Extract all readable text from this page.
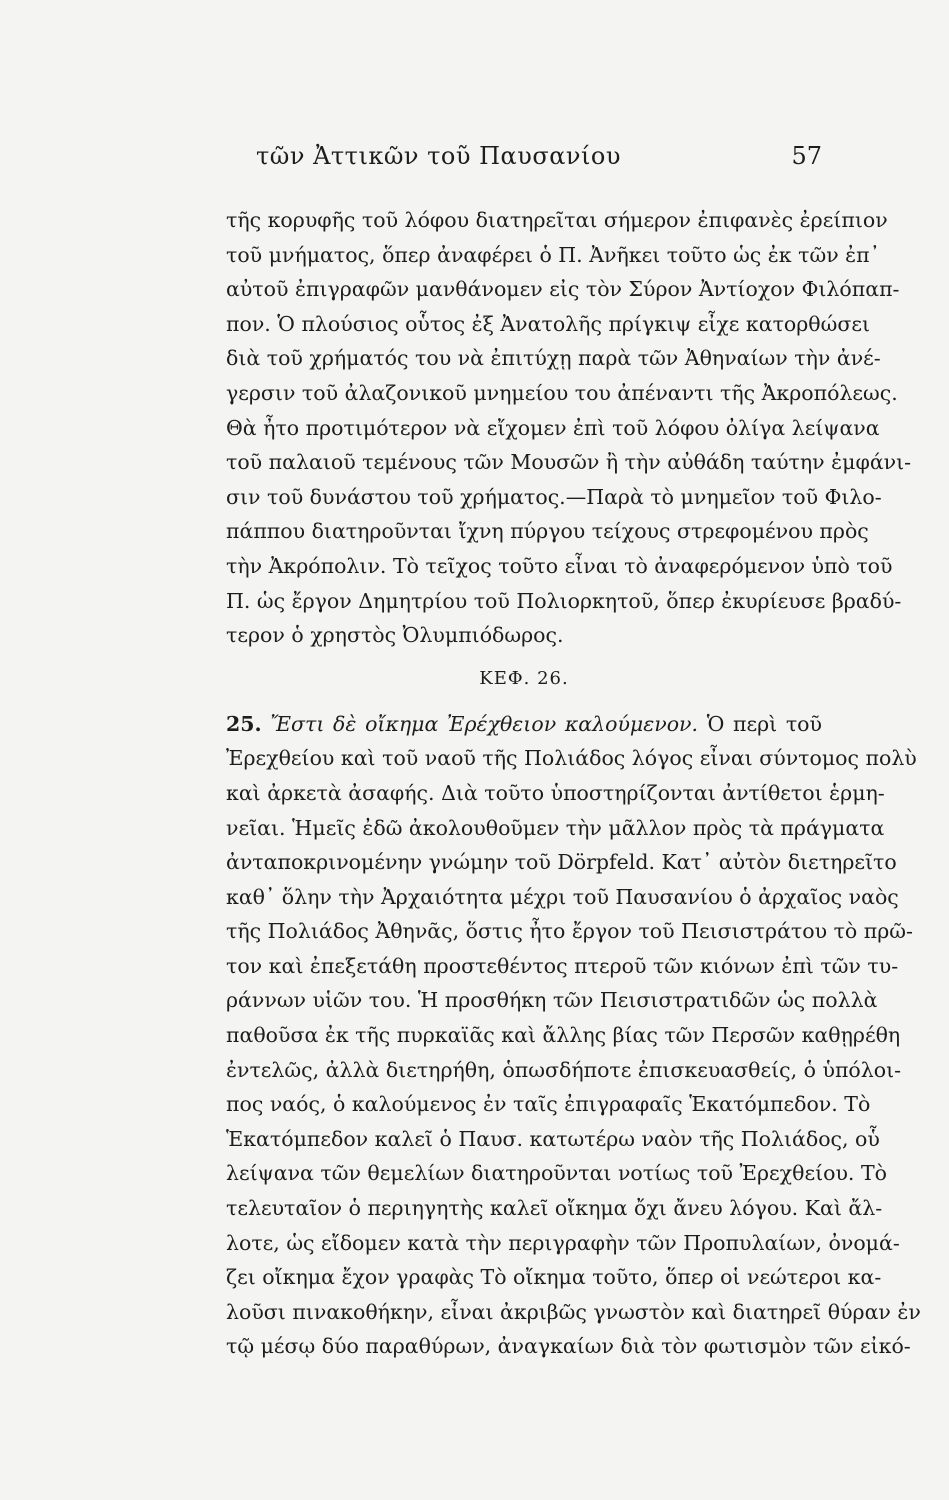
τῶν Ἀττικῶν τοῦ Παυσανίου	57
τῆς κορυφῆς τοῦ λόφου διατηρεῖται σήμερον ἐπιφανὲς ἐρείπιον
τοῦ μνήματος, ὅπερ ἀναφέρει ὁ Π. Ἀνῆκει τοῦτο ὡς ἐκ τῶν ἐπ᾽
αὐτοῦ ἐπιγραφῶν μανθάνομεν εἰς τὸν Σύρον Ἀντίοχον Φιλόπαπ-
πον. Ὁ πλούσιος οὗτος ἐξ Ἀνατολῆς πρίγκιψ εἶχε κατορθώσει
διὰ τοῦ χρήματός του νὰ ἐπιτύχῃ παρὰ τῶν Ἀθηναίων τὴν ἀνέ-
γερσιν τοῦ ἀλαζονικοῦ μνημείου του ἀπέναντι τῆς Ἀκροπόλεως.
Θὰ ἦτο προτιμότερον νὰ εἴχομεν ἐπὶ τοῦ λόφου ὀλίγα λείψανα
τοῦ παλαιοῦ τεμένους τῶν Μουσῶν ἢ τὴν αὐθάδη ταύτην ἐμφάνι-
σιν τοῦ δυνάστου τοῦ χρήματος.—Παρὰ τὸ μνημεῖον τοῦ Φιλο-
πάππου διατηροῦνται ἴχνη πύργου τείχους στρεφομένου πρὸς
τὴν Ἀκρόπολιν. Τὸ τεῖχος τοῦτο εἶναι τὸ ἀναφερόμενον ὑπὸ τοῦ
Π. ὡς ἔργον Δημητρίου τοῦ Πολιορκητοῦ, ὅπερ ἐκυρίευσε βραδύ-
τερον ὁ χρηστὸς Ὀλυμπιόδωρος.
ΚΕΦ. 26.
25. Ἔστι δὲ οἴκημα Ἐρέχθειον καλούμενον. Ὁ περὶ τοῦ
Ἐρεχθείου καὶ τοῦ ναοῦ τῆς Πολιάδος λόγος εἶναι σύντομος πολὺ
καὶ ἀρκετὰ ἀσαφής. Διὰ τοῦτο ὑποστηρίζονται ἀντίθετοι ἑρμη-
νεῖαι. Ἡμεῖς ἐδῶ ἀκολουθοῦμεν τὴν μᾶλλον πρὸς τὰ πράγματα
ἀνταποκρινομένην γνώμην τοῦ Dörpfeld. Κατ᾽ αὐτὸν διετηρεῖτο
καθ᾽ ὅλην τὴν Ἀρχαιότητα μέχρι τοῦ Παυσανίου ὁ ἀρχαῖος ναὸς
τῆς Πολιάδος Ἀθηνᾶς, ὅστις ἦτο ἔργον τοῦ Πεισιστράτου τὸ πρῶ-
τον καὶ ἐπεξετάθη προστεθέντος πτεροῦ τῶν κιόνων ἐπὶ τῶν τυ-
ράννων υἱῶν του. Ἡ προσθήκη τῶν Πεισιστρατιδῶν ὡς πολλὰ
παθοῦσα ἐκ τῆς πυρκαϊᾶς καὶ ἄλλης βίας τῶν Περσῶν καθῃρέθη
ἐντελῶς, ἀλλὰ διετηρήθη, ὁπωσδήποτε ἐπισκευασθείς, ὁ ὑπόλοι-
πος ναός, ὁ καλούμενος ἐν ταῖς ἐπιγραφαῖς Ἑκατόμπεδον. Τὸ
Ἑκατόμπεδον καλεῖ ὁ Παυσ. κατωτέρω ναὸν τῆς Πολιάδος, οὗ
λείψανα τῶν θεμελίων διατηροῦνται νοτίως τοῦ Ἐρεχθείου. Τὸ
τελευταῖον ὁ περιηγητὴς καλεῖ οἴκημα ὄχι ἄνευ λόγου. Καὶ ἄλ-
λοτε, ὡς εἴδομεν κατὰ τὴν περιγραφὴν τῶν Προπυλαίων, ὀνομά-
ζει οἴκημα ἔχον γραφὰς Τὸ οἴκημα τοῦτο, ὅπερ οἱ νεώτεροι κα-
λοῦσι πινακοθήκην, εἶναι ἀκριβῶς γνωστὸν καὶ διατηρεῖ θύραν ἐν
τῷ μέσῳ δύο παραθύρων, ἀναγκαίων διὰ τὸν φωτισμὸν τῶν εἰκό-
